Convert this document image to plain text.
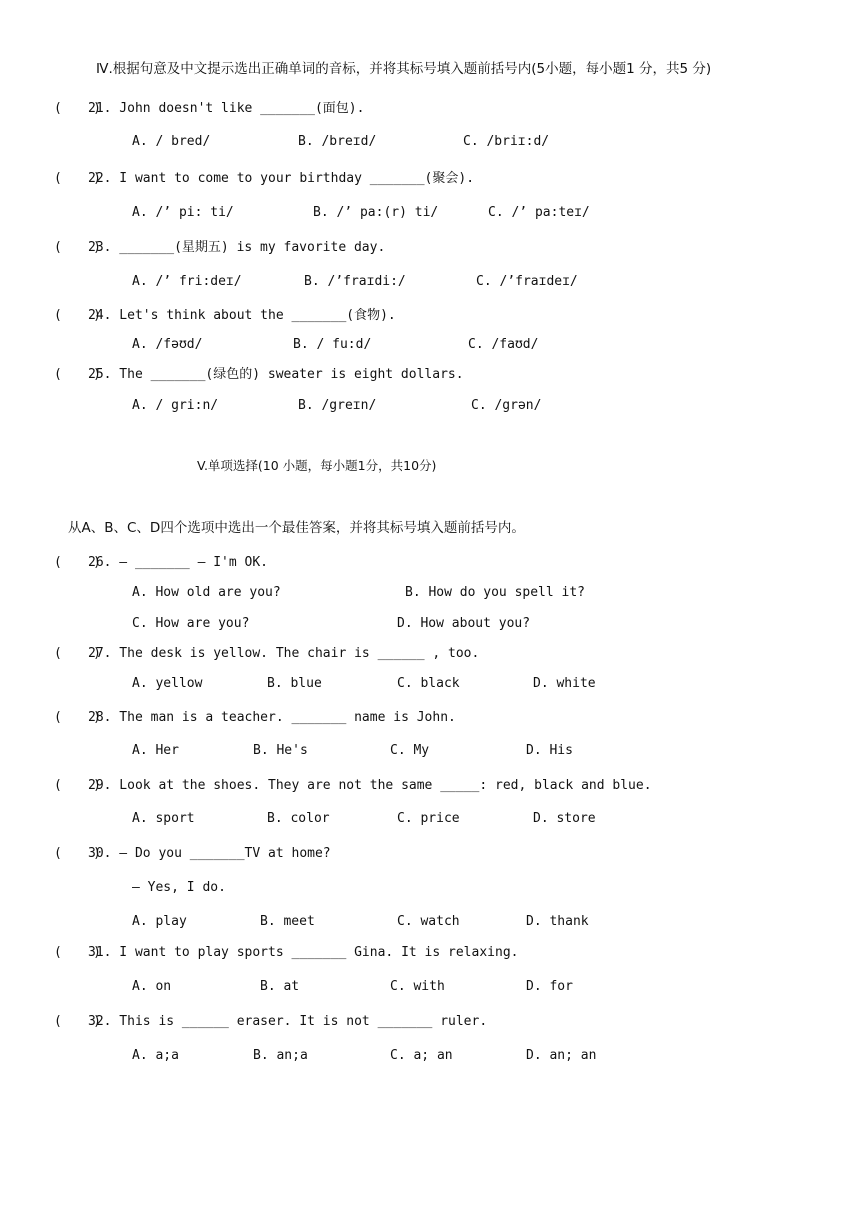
Ⅳ.根据句意及中文提示选出正确单词的音标，并将其标号填入题前括号内(5小题，每小题1 分，共5 分)
(    )
21. John doesn't like _______(面包).
A. / bred/	B. /breɪd/	C. /briɪ:d/
(    )
22. I want to come to your birthday _______(聚会).
A. /’ pi: ti/	B. /’ pa:(r) ti/	C. /’ pa:teɪ/
(    )
23. _______(星期五) is my favorite day.
A. /’ fri:deɪ/	B. /’fraɪdi:/	C. /’fraɪdeɪ/
(    )
24. Let's think about the _______(食物).
A. /fəʊd/	B. / fu:d/	C. /faʊd/
(    )
25. The _______(绿色的) sweater is eight dollars.
A. / gri:n/	B. /greɪn/	C. /grən/
V.单项选择(10 小题，每小题1分，共10分)
从A、B、C、D四个选项中选出一个最佳答案，并将其标号填入题前括号内。
(    )
26. — _______ — I'm OK.
A. How old are you?	B. How do you spell it?
C. How are you?	D. How about you?
(    )
27. The desk is yellow. The chair is ______ , too.
A. yellow	B. blue	C. black	D. white
(    )
28. The man is a teacher. _______ name is John.
A. Her	B. He's	C. My	D. His
(    )
29. Look at the shoes. They are not the same _____: red, black and blue.
A. sport	B. color	C. price	D. store
(    )
30. — Do you _______TV at home?
— Yes, I do.
A. play	B. meet	C. watch	D. thank
(    )
31. I want to play sports _______ Gina. It is relaxing.
A. on	B. at	C. with	D. for
(    )
32. This is ______ eraser. It is not _______ ruler.
A. a;a	B. an;a	C. a; an	D. an; an
